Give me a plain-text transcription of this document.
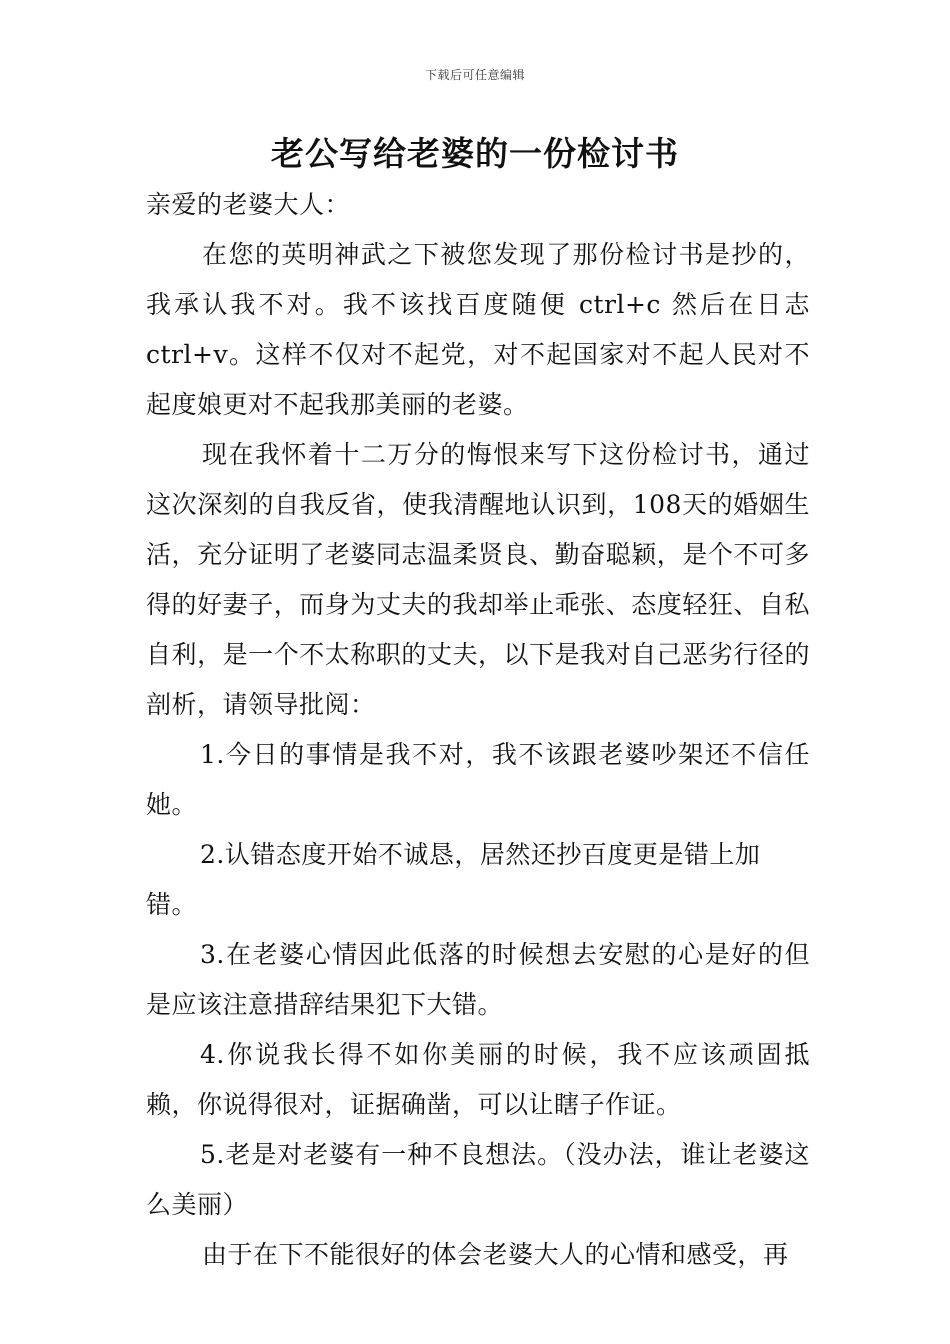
下载后可任意编辑
老公写给老婆的一份检讨书

亲爱的老婆大人：

在您的英明神武之下被您发现了那份检讨书是抄的，我承认我不对。我不该找百度随便 ctrl+c 然后在日志 ctrl+v。这样不仅对不起党，对不起国家对不起人民对不起度娘更对不起我那美丽的老婆。

现在我怀着十二万分的悔恨来写下这份检讨书，通过这次深刻的自我反省，使我清醒地认识到，108天的婚姻生活，充分证明了老婆同志温柔贤良、勤奋聪颖，是个不可多得的好妻子，而身为丈夫的我却举止乖张、态度轻狂、自私自利，是一个不太称职的丈夫，以下是我对自己恶劣行径的剖析，请领导批阅：

1.今日的事情是我不对，我不该跟老婆吵架还不信任她。

2.认错态度开始不诚恳，居然还抄百度更是错上加错。

3.在老婆心情因此低落的时候想去安慰的心是好的但是应该注意措辞结果犯下大错。

4.你说我长得不如你美丽的时候，我不应该顽固抵赖，你说得很对，证据确凿，可以让瞎子作证。

5.老是对老婆有一种不良想法。（没办法，谁让老婆这么美丽）

由于在下不能很好的体会老婆大人的心情和感受，再
